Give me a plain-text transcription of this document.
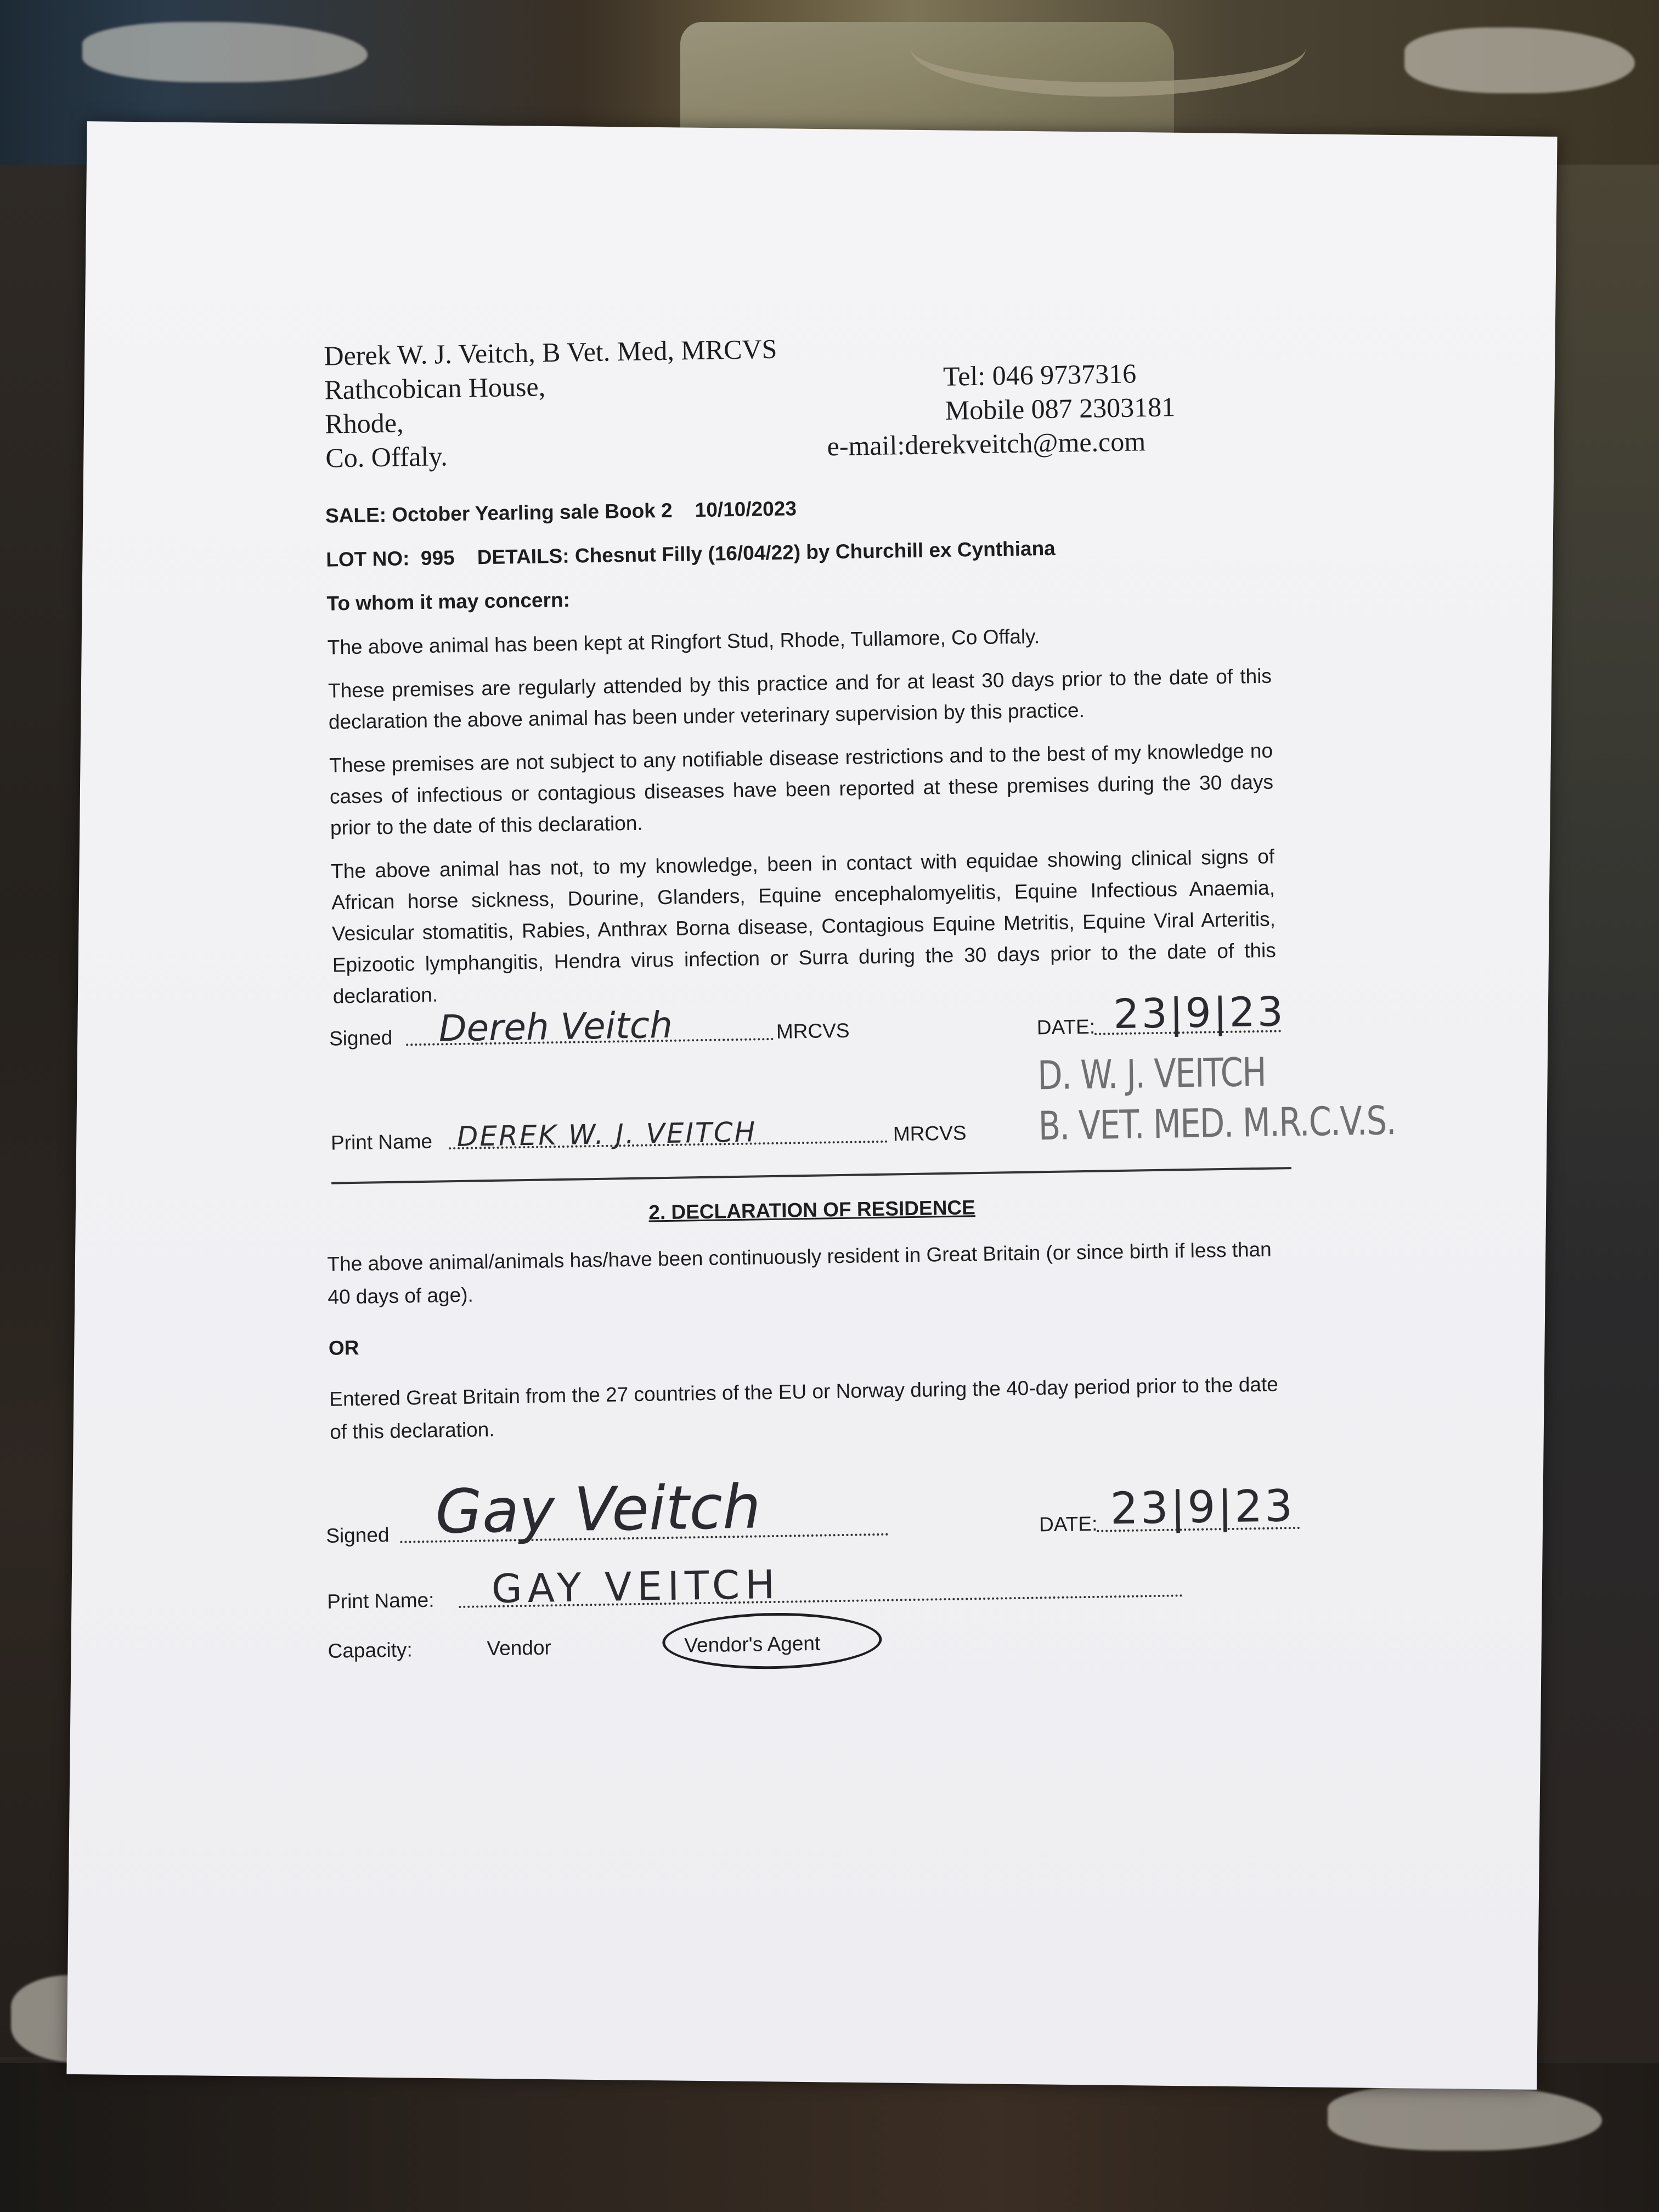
Derek W. J. Veitch, B Vet. Med, MRCVS
Rathcobican House,
Rhode,
Co. Offaly.
Tel: 046 9737316
Mobile 087 2303181
e-mail:derekveitch@me.com
SALE: October Yearling sale Book 2    10/10/2023
LOT NO:  995    DETAILS: Chesnut Filly (16/04/22) by Churchill ex Cynthiana
To whom it may concern:
The above animal has been kept at Ringfort Stud, Rhode, Tullamore, Co Offaly.
These premises are regularly attended by this practice and for at least 30 days prior to the date of this declaration the above animal has been under veterinary supervision by this practice.
These premises are not subject to any notifiable disease restrictions and to the best of my knowledge no cases of infectious or contagious diseases have been reported at these premises during the 30 days prior to the date of this declaration.
The above animal has not, to my knowledge, been in contact with equidae showing clinical signs of African horse sickness, Dourine, Glanders, Equine encephalomyelitis, Equine Infectious Anaemia, Vesicular stomatitis, Rabies, Anthrax Borna disease, Contagious Equine Metritis, Equine Viral Arteritis, Epizootic lymphangitis, Hendra virus infection or Surra during the 30 days prior to the date of this declaration.
Signed Dereh Veitch	MRCVS	DATE: 23|9|23
Print Name DEREK W. J. VEITCH	MRCVS
D. W. J. VEITCH
B. VET. MED. M.R.C.V.S.
2. DECLARATION OF RESIDENCE
The above animal/animals has/have been continuously resident in Great Britain (or since birth if less than 40 days of age).
OR
Entered Great Britain from the 27 countries of the EU or Norway during the 40-day period prior to the date of this declaration.
Signed Gay Veitch	DATE: 23|9|23
Print Name: GAY VEITCH
Capacity:	Vendor	Vendor's Agent
